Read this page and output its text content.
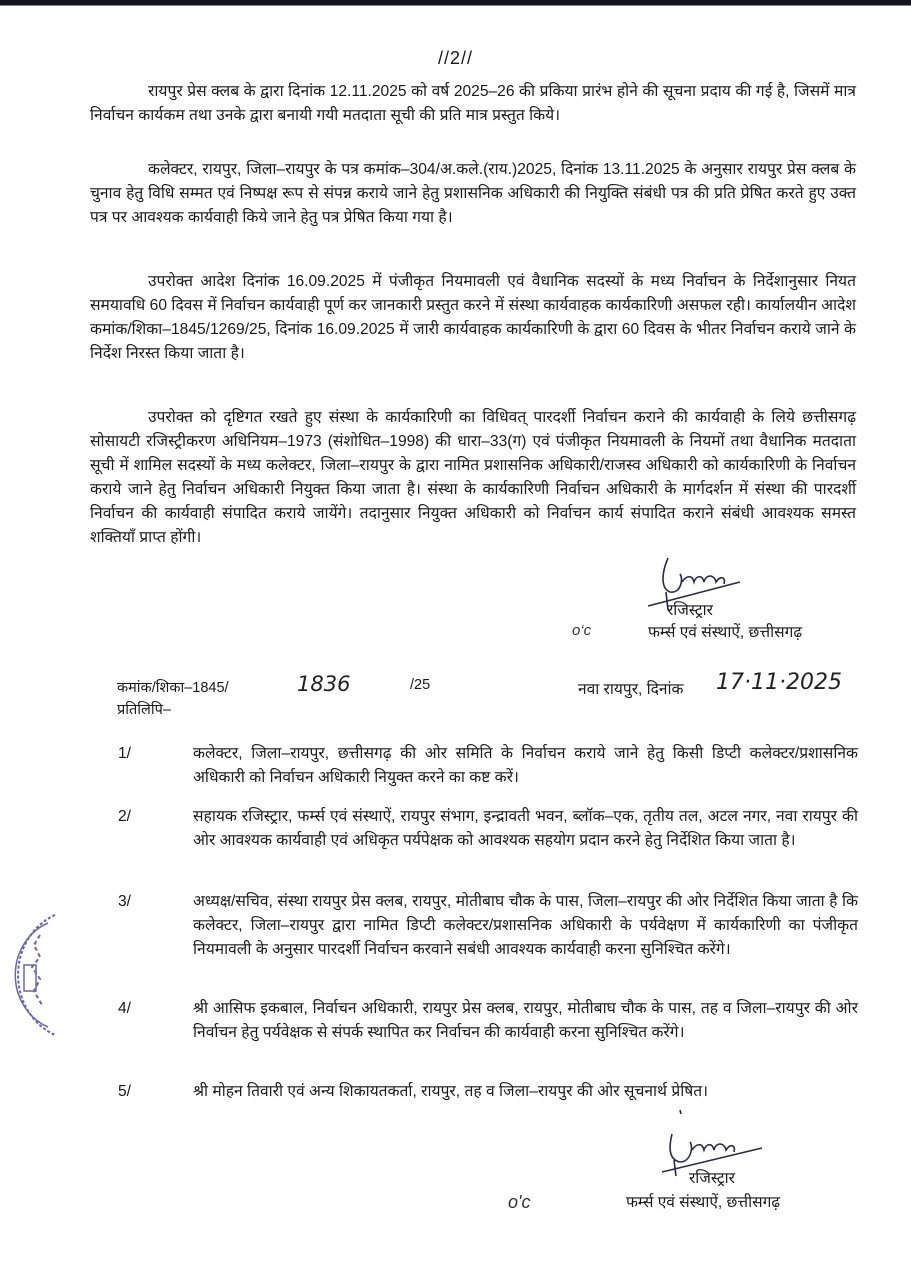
//2//

रायपुर प्रेस क्लब के द्वारा दिनांक 12.11.2025 को वर्ष 2025–26 की प्रकिया प्रारंभ होने की सूचना प्रदाय की गई है, जिसमें मात्र निर्वाचन कार्यकम तथा उनके द्वारा बनायी गयी मतदाता सूची की प्रति मात्र प्रस्तुत किये।

कलेक्टर, रायपुर, जिला–रायपुर के पत्र कमांक–304/अ.कले.(राय.)2025, दिनांक 13.11.2025 के अनुसार रायपुर प्रेस क्लब के चुनाव हेतु विधि सम्मत एवं निष्पक्ष रूप से संपन्न कराये जाने हेतु प्रशासनिक अधिकारी की नियुक्ति संबंधी पत्र की प्रति प्रेषित करते हुए उक्त पत्र पर आवश्यक कार्यवाही किये जाने हेतु पत्र प्रेषित किया गया है।

उपरोक्त आदेश दिनांक 16.09.2025 में पंजीकृत नियमावली एवं वैधानिक सदस्यों के मध्य निर्वाचन के निर्देशानुसार नियत समयावधि 60 दिवस में निर्वाचन कार्यवाही पूर्ण कर जानकारी प्रस्तुत करने में संस्था कार्यवाहक कार्यकारिणी असफल रही। कार्यालयीन आदेश कमांक/शिका–1845/1269/25, दिनांक 16.09.2025 में जारी कार्यवाहक कार्यकारिणी के द्वारा 60 दिवस के भीतर निर्वाचन कराये जाने के निर्देश निरस्त किया जाता है।

उपरोक्त को दृष्टिगत रखते हुए संस्था के कार्यकारिणी का विधिवत् पारदर्शी निर्वाचन कराने की कार्यवाही के लिये छत्तीसगढ़ सोसायटी रजिस्ट्रीकरण अधिनियम–1973 (संशोधित–1998) की धारा–33(ग) एवं पंजीकृत नियमावली के नियमों तथा वैधानिक मतदाता सूची में शामिल सदस्यों के मध्य कलेक्टर, जिला–रायपुर के द्वारा नामित प्रशासनिक अधिकारी/राजस्व अधिकारी को कार्यकारिणी के निर्वाचन कराये जाने हेतु निर्वाचन अधिकारी नियुक्त किया जाता है। संस्था के कार्यकारिणी निर्वाचन अधिकारी के मार्गदर्शन में संस्था की पारदर्शी निर्वाचन की कार्यवाही संपादित कराये जायेंगे। तदानुसार नियुक्त अधिकारी को निर्वाचन कार्य संपादित कराने संबंधी आवश्यक समस्त शक्तियाँ प्राप्त होंगी।

रजिस्ट्रार
o‍‘‍c	फर्म्स एवं संस्थाऐं, छत्तीसगढ़
कमांक/शिका–1845/	1836	/25
प्रतिलिपि–
नवा रायपुर, दिनांक 17·11·2025
1/	कलेक्टर, जिला–रायपुर, छत्तीसगढ़ की ओर समिति के निर्वाचन कराये जाने हेतु किसी डिप्टी कलेक्टर/प्रशासनिक अधिकारी को निर्वाचन अधिकारी नियुक्त करने का कष्ट करें।
2/	सहायक रजिस्ट्रार, फर्म्स एवं संस्थाऐं, रायपुर संभाग, इन्द्रावती भवन, ब्लॉक–एक, तृतीय तल, अटल नगर, नवा रायपुर की ओर आवश्यक कार्यवाही एवं अधिकृत पर्यपेक्षक को आवश्यक सहयोग प्रदान करने हेतु निर्देशित किया जाता है।
3/	अध्यक्ष/सचिव, संस्था रायपुर प्रेस क्लब, रायपुर, मोतीबाघ चौक के पास, जिला–रायपुर की ओर निर्देशित किया जाता है कि कलेक्टर, जिला–रायपुर द्वारा नामित डिप्टी कलेक्टर/प्रशासनिक अधिकारी के पर्यवेक्षण में कार्यकारिणी का पंजीकृत नियमावली के अनुसार पारदर्शी निर्वाचन करवाने सबंधी आवश्यक कार्यवाही करना सुनिश्चित करेंगे।
4/	श्री आसिफ इकबाल, निर्वाचन अधिकारी, रायपुर प्रेस क्लब, रायपुर, मोतीबाघ चौक के पास, तह व जिला–रायपुर की ओर निर्वाचन हेतु पर्यवेक्षक से संपर्क स्थापित कर निर्वाचन की कार्यवाही करना सुनिश्चित करेंगे।
5/	श्री मोहन तिवारी एवं अन्य शिकायतकर्ता, रायपुर, तह व जिला–रायपुर की ओर सूचनार्थ प्रेषित।
रजिस्ट्रार
o'c	फर्म्स एवं संस्थाऐं, छत्तीसगढ़
